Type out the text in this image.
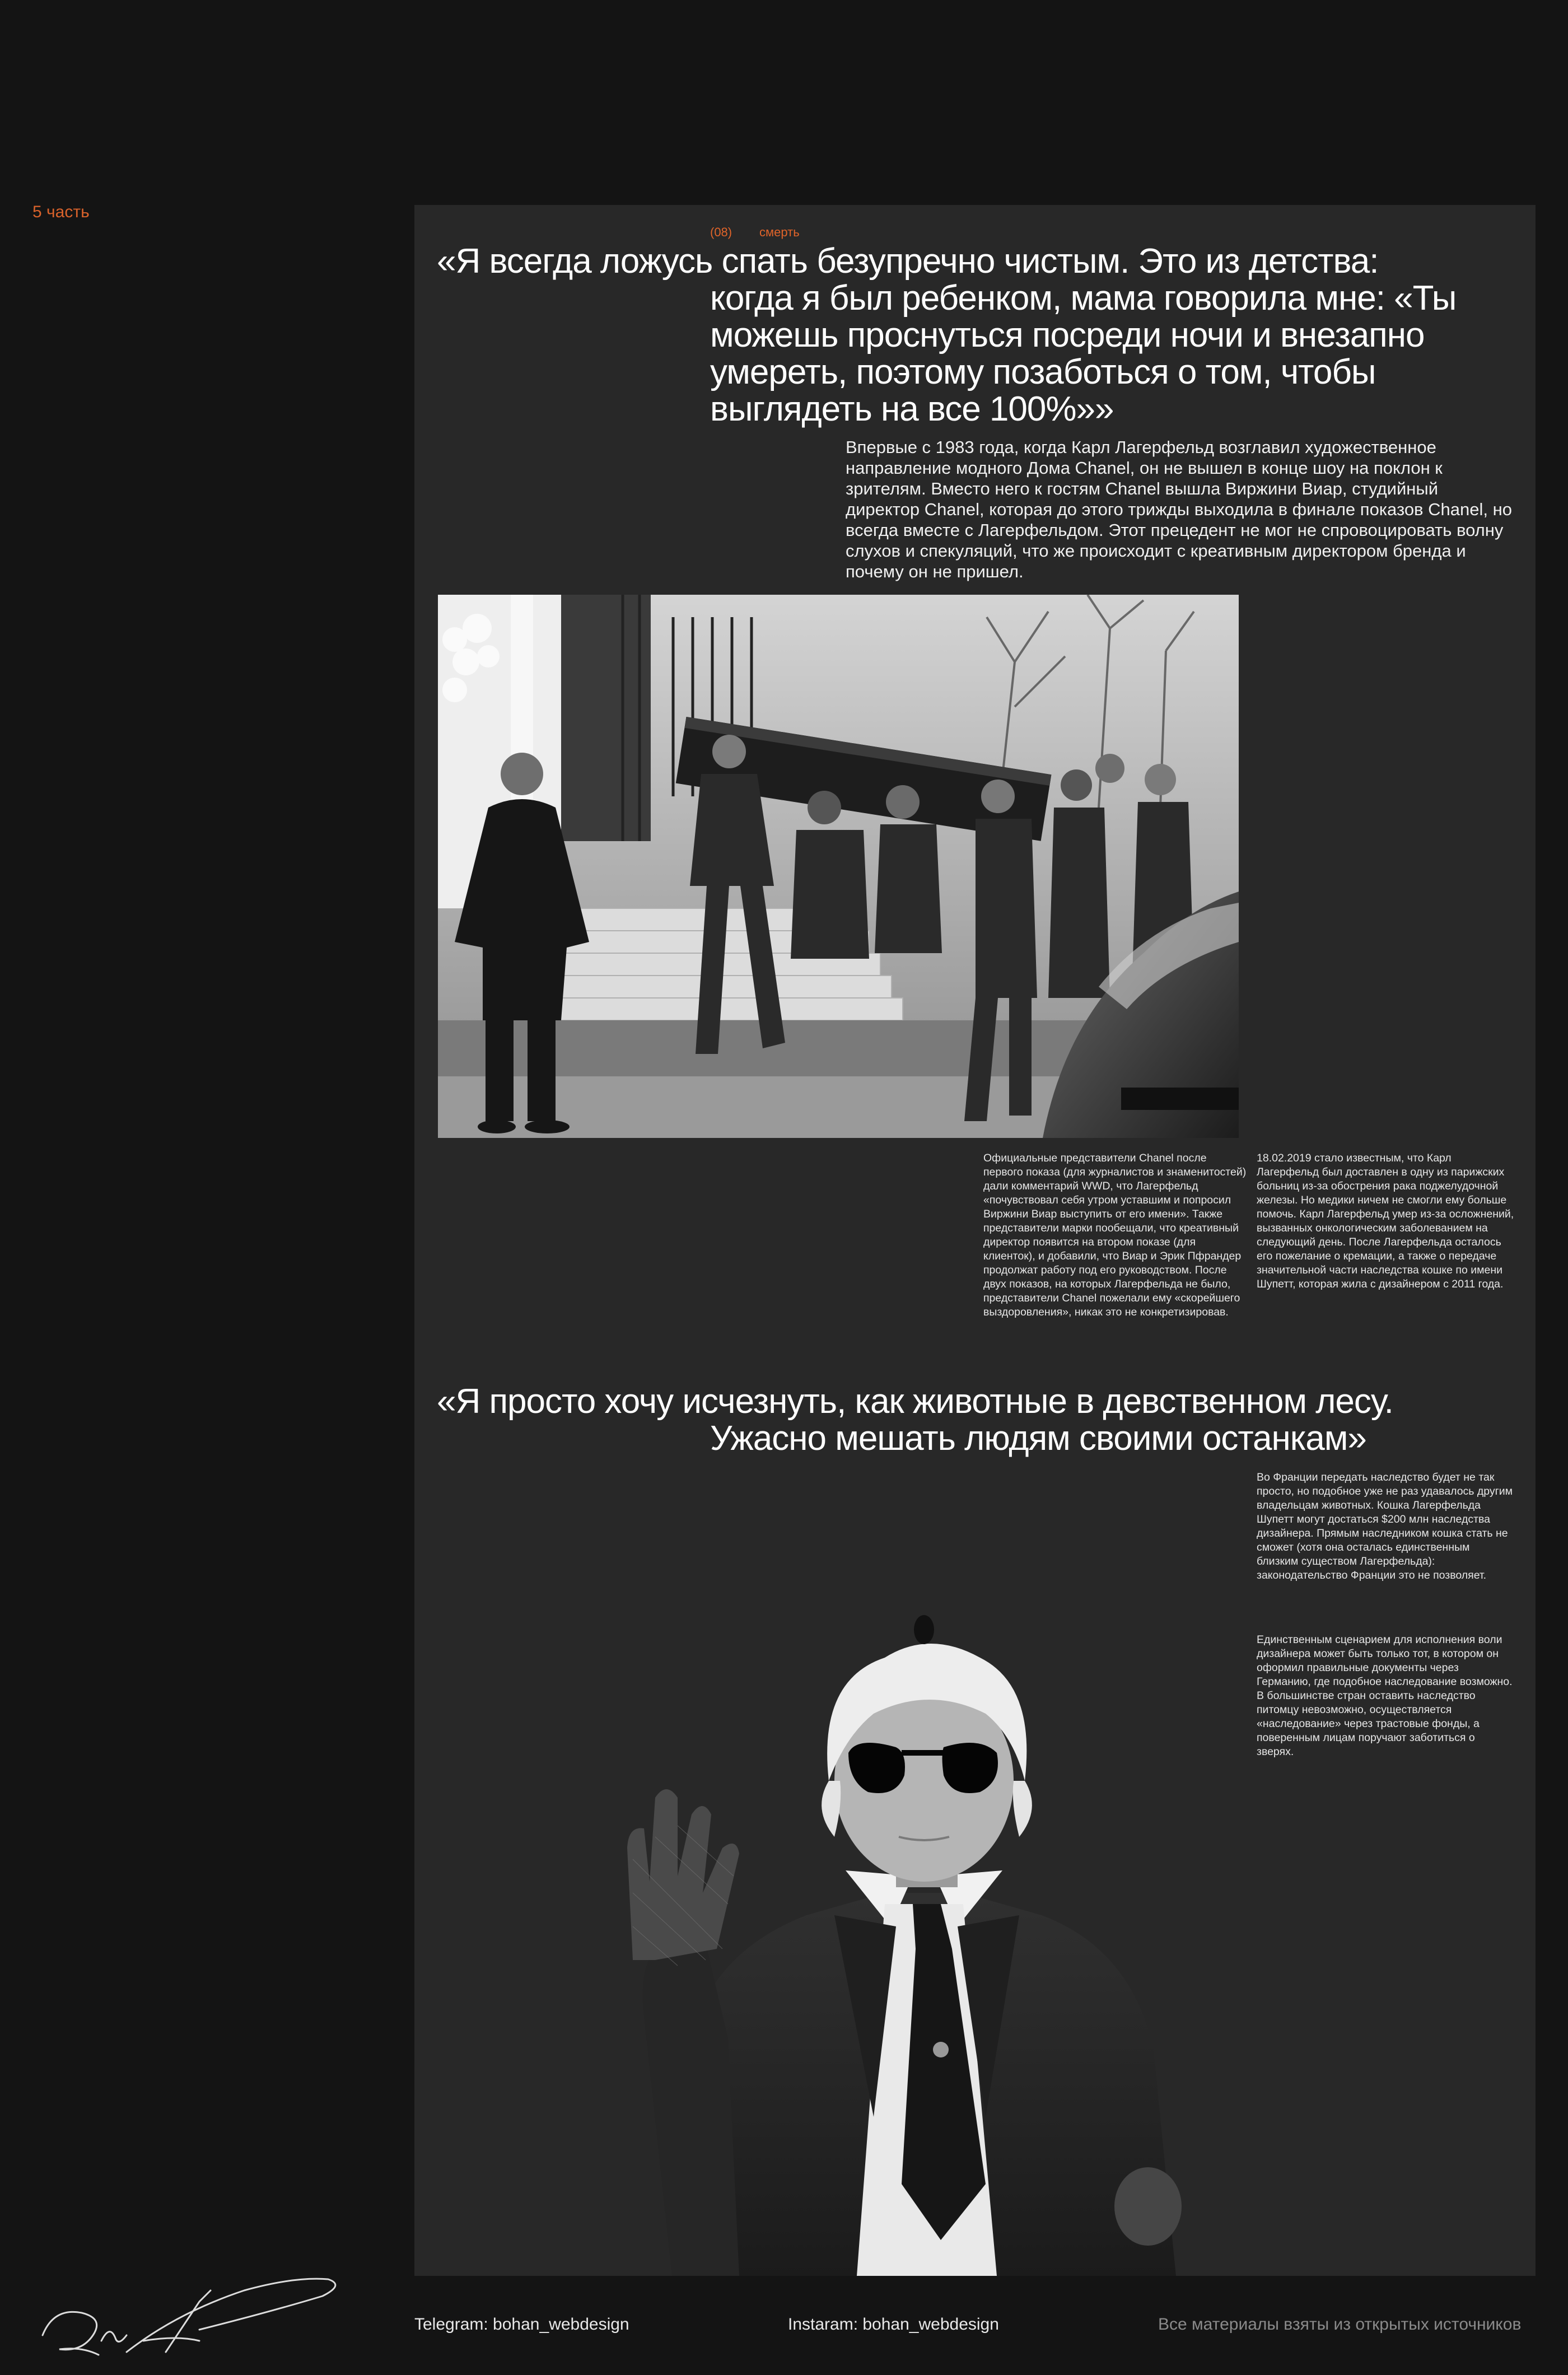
5 часть
(08) смерть
«Я всегда ложусь спать безупречно чистым. Это из детства:
когда я был ребенком, мама говорила мне: «Ты можешь проснуться посреди ночи и внезапно умереть, поэтому позаботься о том, чтобы выглядеть на все 100%»»
Впервые с 1983 года, когда Карл Лагерфельд возглавил художественное направление модного Дома Chanel, он не вышел в конце шоу на поклон к зрителям. Вместо него к гостям Chanel вышла Виржини Виар, студийный директор Chanel, которая до этого трижды выходила в финале показов Chanel, но всегда вместе с Лагерфельдом. Этот прецедент не мог не спровоцировать волну слухов и спекуляций, что же происходит с креативным директором бренда и почему он не пришел.
Официальные представители Chanel после первого показа (для журналистов и знаменитостей) дали комментарий WWD, что Лагерфельд «почувствовал себя утром уставшим и попросил Виржини Виар выступить от его имени». Также представители марки пообещали, что креативный директор появится на втором показе (для клиенток), и добавили, что Виар и Эрик Пфрандер продолжат работу под его руководством. После двух показов, на которых Лагерфельда не было, представители Chanel пожелали ему «скорейшего выздоровления», никак это не конкретизировав.
18.02.2019 стало известным, что Карл Лагерфельд был доставлен в одну из парижских больниц из-за обострения рака поджелудочной железы. Но медики ничем не смогли ему больше помочь. Карл Лагерфельд умер из-за осложнений, вызванных онкологическим заболеванием на следующий день. После Лагерфельда осталось его пожелание о кремации, а также о передаче значительной части наследства кошке по имени Шупетт, которая жила с дизайнером с 2011 года.
«Я просто хочу исчезнуть, как животные в девственном лесу.
Ужасно мешать людям своими останкам»
Во Франции передать наследство будет не так просто, но подобное уже не раз удавалось другим владельцам животных. Кошка Лагерфельда Шупетт могут достаться $200 млн наследства дизайнера. Прямым наследником кошка стать не сможет (хотя она осталась единственным близким существом Лагерфельда): законодательство Франции это не позволяет.
Единственным сценарием для исполнения воли дизайнера может быть только тот, в котором он оформил правильные документы через Германию, где подобное наследование возможно. В большинстве стран оставить наследство питомцу невозможно, осуществляется «наследование» через трастовые фонды, а поверенным лицам поручают заботиться о зверях.
Telegram: bohan_webdesign	Instaram: bohan_webdesign	Все материалы взяты из открытых источников
